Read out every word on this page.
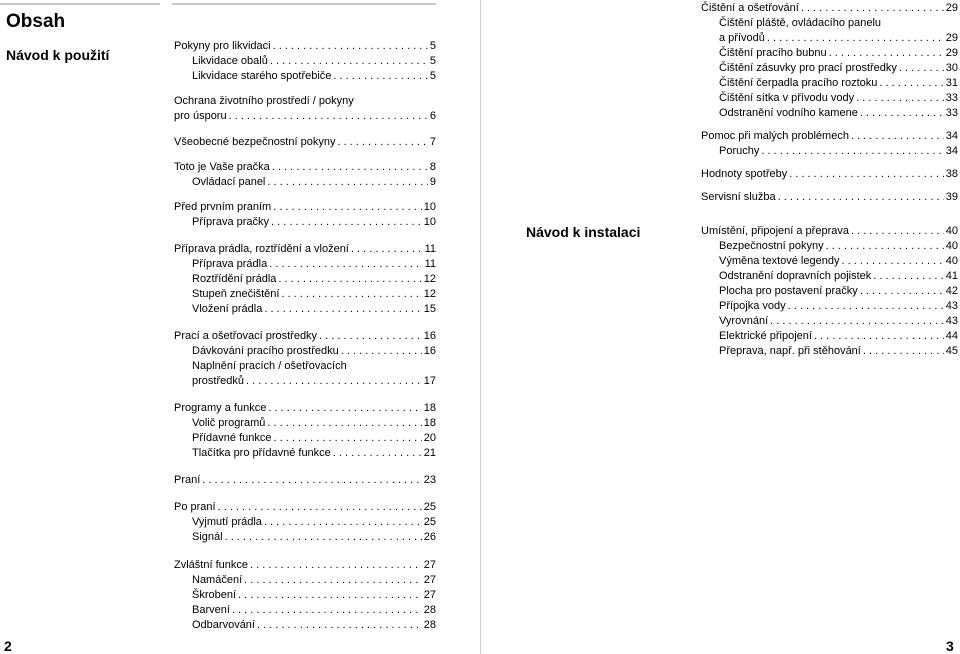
Obsah
Návod k použití
Návod k instalaci
Pokyny pro likvidaci . . .	5
Likvidace obalů . . .	5
Likvidace starého spotřebiče . . .	5
Ochrana životního prostředí / pokyny
pro úsporu . . .	6
Všeobecné bezpečnostní pokyny . . .	7
Toto je Vaše pračka . . .	8
Ovládací panel . . .	9
Před prvním praním . . .	10
Příprava pračky . . .	10
Příprava prádla, roztřídění a vložení . . .	11
Příprava prádla . . .	11
Roztřídění prádla . . .	12
Stupeň znečištění . . .	12
Vložení prádla . . .	15
Prací a ošetřovací prostředky . . .	16
Dávkování pracího prostředku . . .	16
Naplnění pracích / ošetřovacích
prostředků . . .	17
Programy a funkce . . .	18
Volič programů . . .	18
Přídavné funkce . . .	20
Tlačítka pro přídavné funkce . . .	21
Praní . . .	23
Po praní . . .	25
Vyjmutí prádla . . .	25
Signál . . .	26
Zvláštní funkce . . .	27
Namáčení . . .	27
Škrobení . . .	27
Barvení . . .	28
Odbarvování . . .	28
Čištění a ošetřování . . .	29
Čištění pláště, ovládacího panelu
a přívodů . . .	29
Čištění pracího bubnu . . .	29
Čištění zásuvky pro prací prostředky . . .	30
Čištění čerpadla pracího roztoku . . .	31
Čištění sítka v přívodu vody . . .	33
Odstranění vodního kamene . . .	33
Pomoc při malých problémech . . .	34
Poruchy . . .	34
Hodnoty spotřeby . . .	38
Servisní služba . . .	39
Umístění, připojení a přeprava . . .	40
Bezpečnostní pokyny . . .	40
Výměna textové legendy . . .	40
Odstranění dopravních pojistek . . .	41
Plocha pro postavení pračky . . .	42
Přípojka vody . . .	43
Vyrovnání . . .	43
Elektrické připojení . . .	44
Přeprava, např. při stěhování . . .	45
2	3
